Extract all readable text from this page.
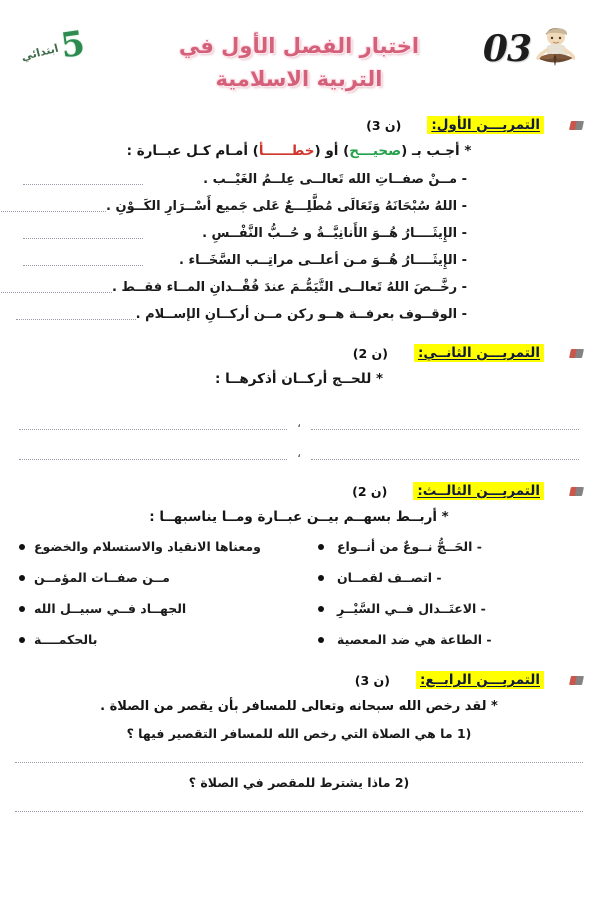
5
ابتدائي	اختبار الفصل الأول في
التربية الاسلامية
03
التمريـــن الأول:
(3 ن)
* أجـب بـ (صحيـــح) أو (خطــــــأ) أمـام كـل عبــارة :
- مــنْ صفــاتِ الله تَعالــى عِلــمُ الغَيْــب .
- اللهُ سُبْحَانَهُ وَتَعَالَى مُطَّلِـــعٌ عَلى جَميع أَسْــرَارِ الكَــوْنِ .
- الإِيثَــــارُ هُــوَ الأَنانِيَّــةُ و حُــبُّ النَّفْــسِ .
- الإِيثَــــارُ هُــوَ مـن أعلــى مراتِــب السَّخَــاء .
- رخَّــصَ اللهُ تَعالــى التَّيَمُّـمَ عندَ فُقْــدانِ المــاء فقــط .
- الوقــوف بعرفــة هــو ركن مــن أركــانِ الإســلام .
التمريـــن الثانــي:
(2 ن)
* للحــج أركــان أذكرهــا :
،
،
التمريـــن الثالــث:
(2 ن)
* أربــط بسهــم بيــن عبــارة ومــا يناسبهــا :
- الحَــجُّ نــوعٌ من أنــواع
- اتصــف لقمــان
- الاعتَــدال فــي السَّيْــرِ
- الطاعة هي ضد المعصية
ومعناها الانقياد والاستسلام والخضوع
مــن صفــات المؤمــن
الجهــاد فــي سبيــل الله
بالحكمــــة
التمريـــن الرابــع:
(3 ن)
* لقد رخص الله سبحانه وتعالى للمسافر بأن يقصر من الصلاة .
1) ما هي الصلاة التي رخص الله للمسافر التقصير فيها ؟
2) ماذا يشترط للمقصر في الصلاة ؟
